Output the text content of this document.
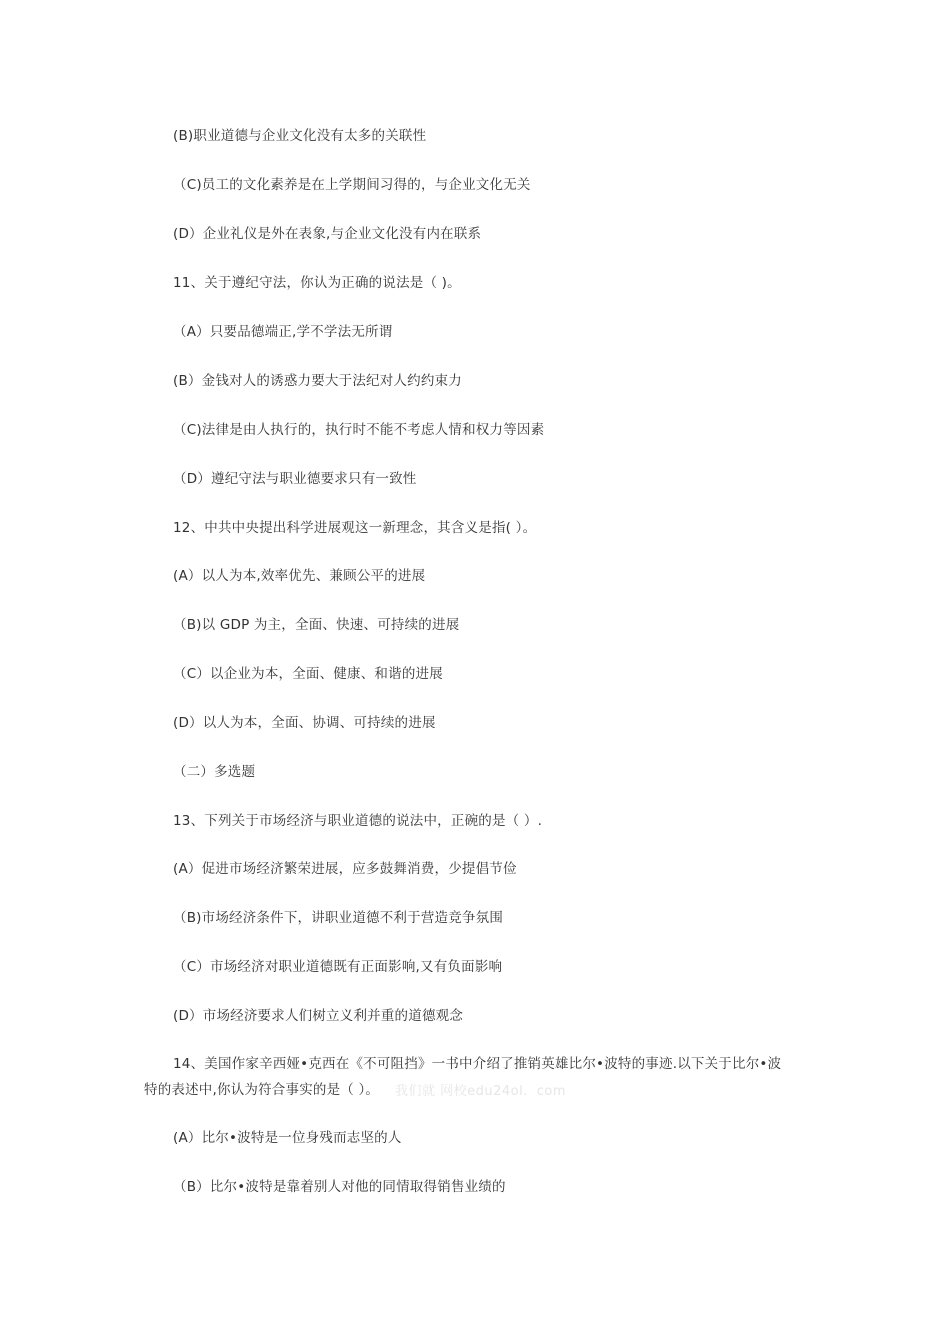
(B)职业道德与企业文化没有太多的关联性
（C)员工的文化素养是在上学期间习得的，与企业文化无关
(D）企业礼仪是外在表象,与企业文化没有内在联系
11、关于遵纪守法，你认为正确的说法是（ )。
（A）只要品德端正,学不学法无所谓
(B）金钱对人的诱惑力要大于法纪对人约约束力
（C)法律是由人执行的，执行时不能不考虑人情和权力等因素
（D）遵纪守法与职业德要求只有一致性
12、中共中央提出科学进展观这一新理念，其含义是指( ）。
(A）以人为本,效率优先、兼顾公平的进展
（B)以 GDP 为主，全面、快速、可持续的进展
（C）以企业为本，全面、健康、和谐的进展
(D）以人为本，全面、协调、可持续的进展
（二）多选题
13、下列关于市场经济与职业道德的说法中，正碗的是（ ）.
(A）促进市场经济繁荣进展，应多鼓舞消费，少提倡节俭
（B)市场经济条件下，讲职业道德不利于营造竞争氛围
（C）市场经济对职业道德既有正面影响,又有负面影响
(D）市场经济要求人们树立义利并重的道德观念
14、美国作家辛西娅•克西在《不可阻挡》一书中介绍了推销英雄比尔•波特的事迹.以下关于比尔•波
特的表述中,你认为符合事实的是（ ）。 我们就 网校edu24ol．com
(A）比尔•波特是一位身残而志坚的人
（B）比尔•波特是靠着别人对他的同情取得销售业绩的
